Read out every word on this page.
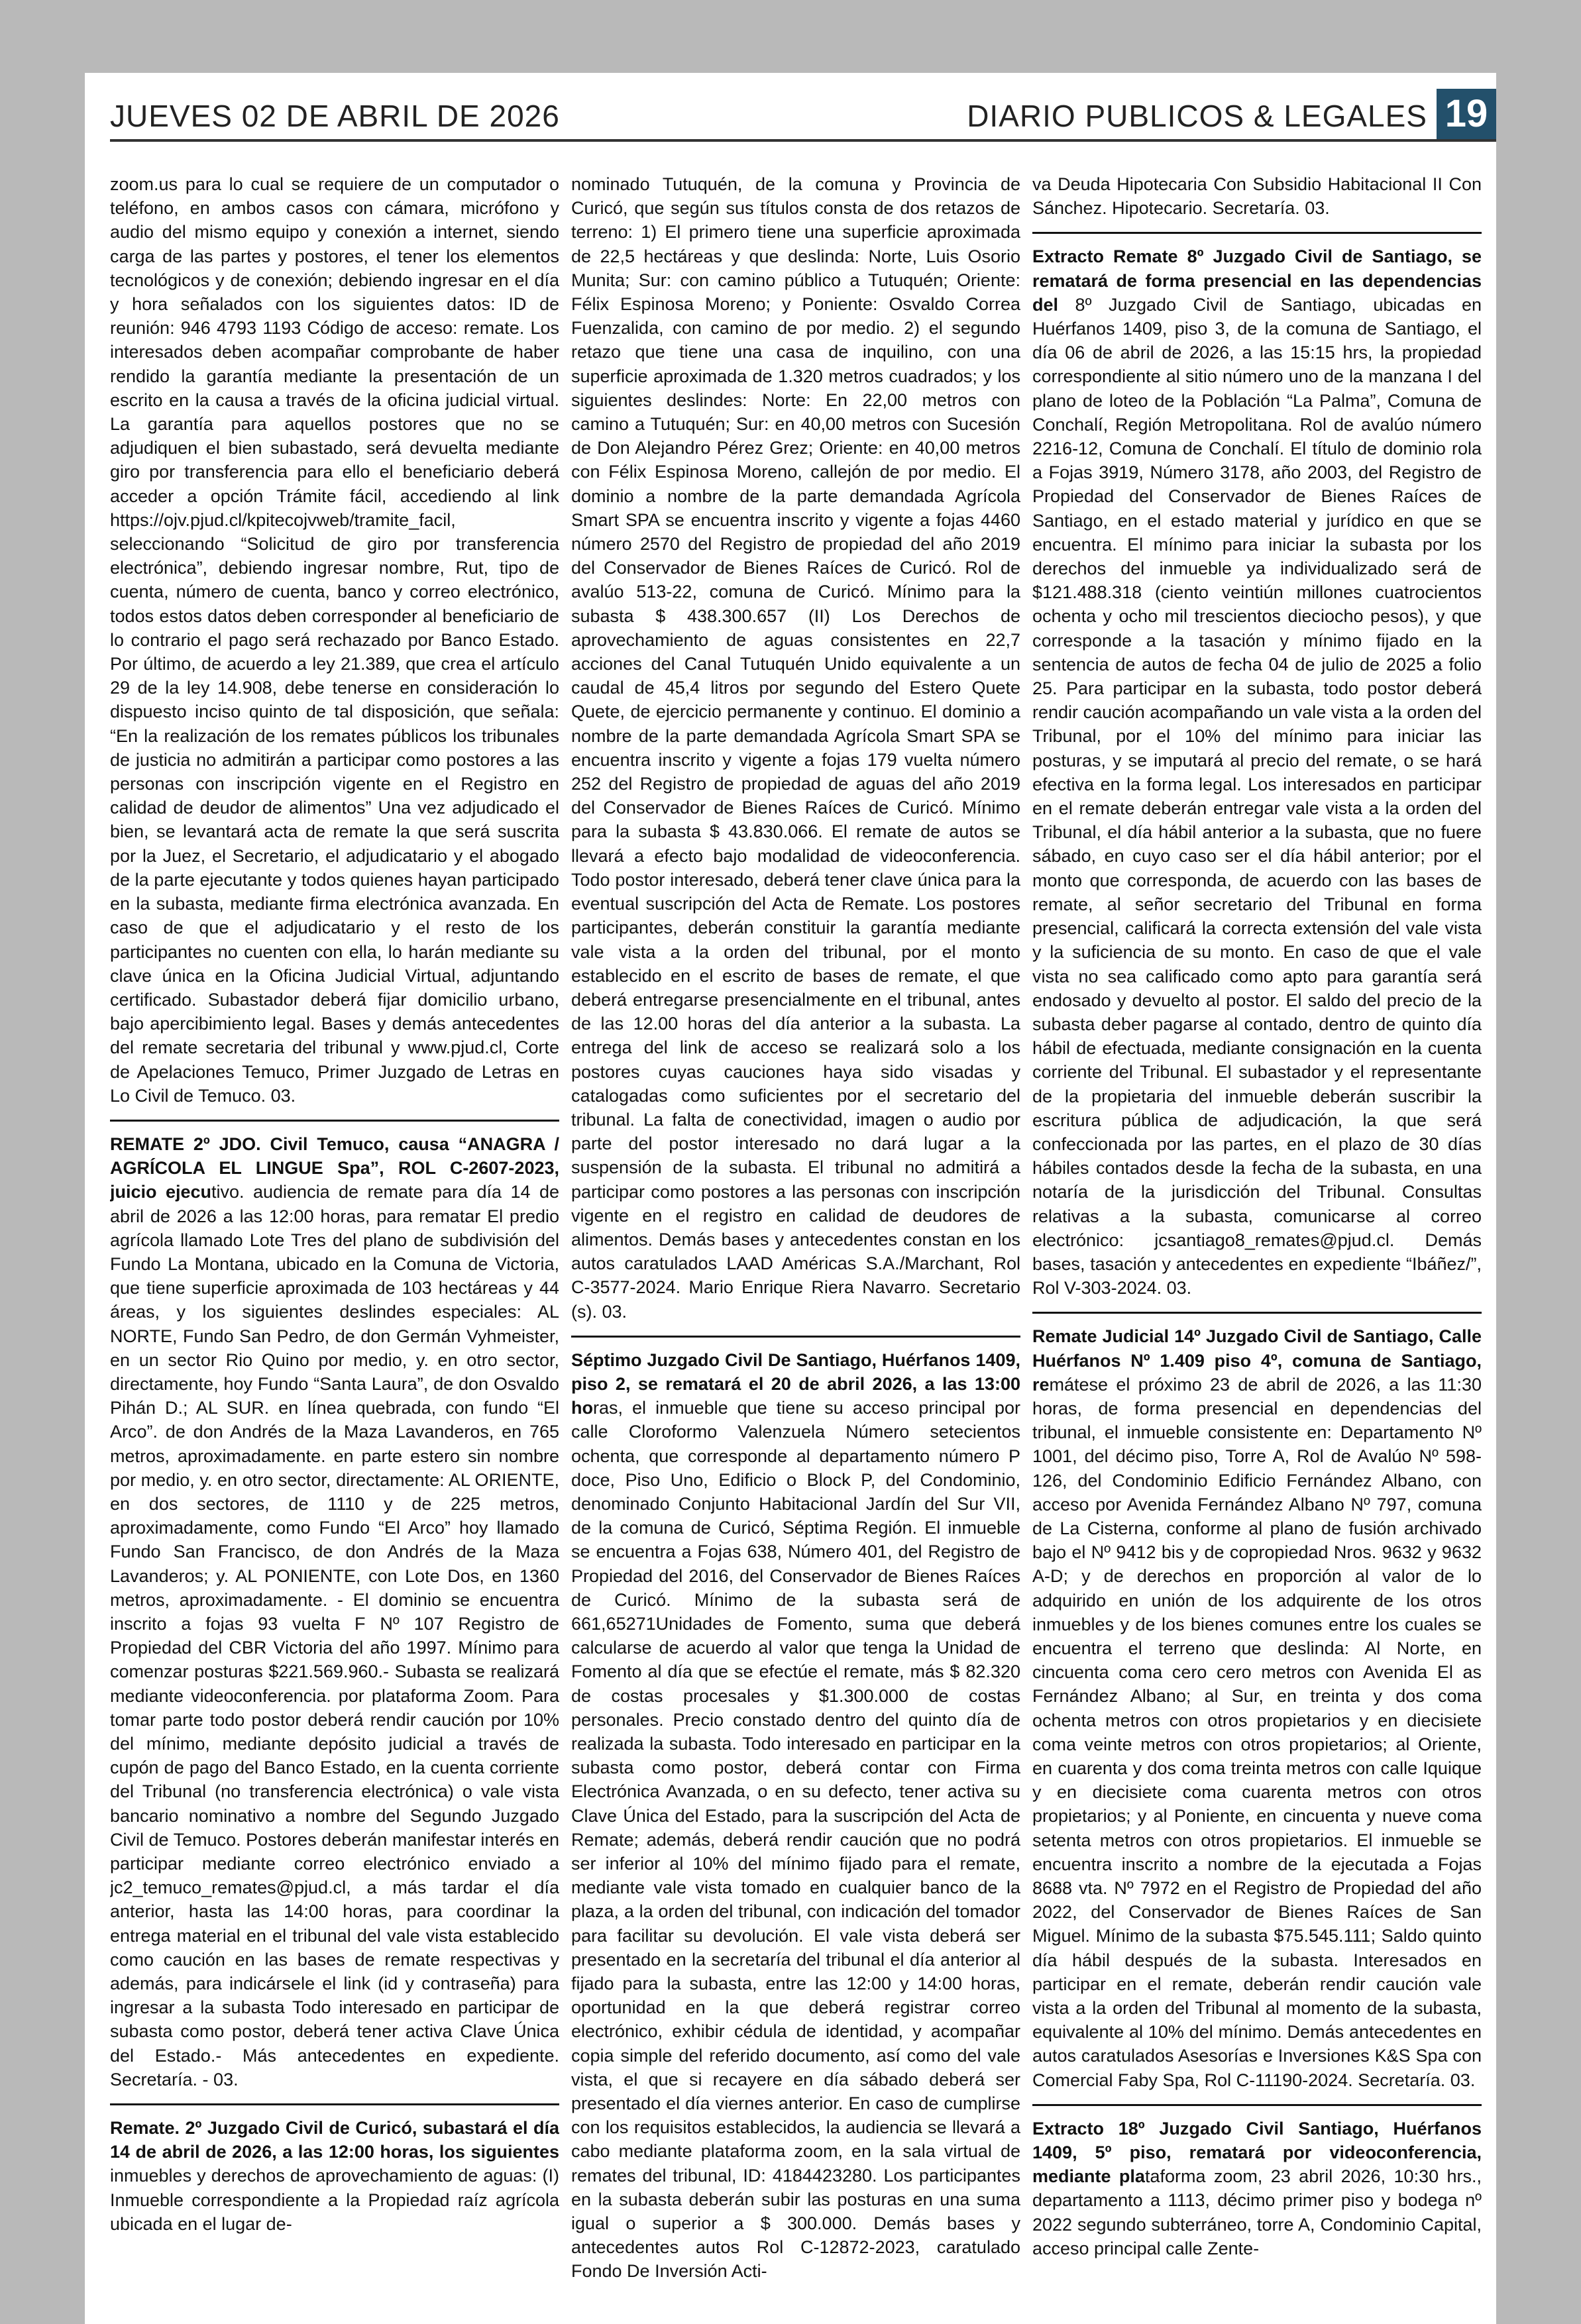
JUEVES 02 DE ABRIL DE 2026	DIARIO PUBLICOS & LEGALES 19

zoom.us para lo cual se requiere de un computador o teléfono, en ambos casos con cámara, micrófono y audio del mismo equipo y conexión a internet, siendo carga de las partes y postores, el tener los elementos tecnológicos y de conexión; debiendo ingresar en el día y hora señalados con los siguientes datos: ID de reunión: 946 4793 1193 Código de acceso: remate. Los interesados deben acompañar comprobante de haber rendido la garantía mediante la presentación de un escrito en la causa a través de la oficina judicial virtual. La garantía para aquellos postores que no se adjudiquen el bien subastado, será devuelta mediante giro por transferencia para ello el beneficiario deberá acceder a opción Trámite fácil, accediendo al link https://ojv.pjud.cl/kpitecojvweb/tramite_facil, seleccionando “Solicitud de giro por transferencia electrónica”, debiendo ingresar nombre, Rut, tipo de cuenta, número de cuenta, banco y correo electrónico, todos estos datos deben corresponder al beneficiario de lo contrario el pago será rechazado por Banco Estado. Por último, de acuerdo a ley 21.389, que crea el artículo 29 de la ley 14.908, debe tenerse en consideración lo dispuesto inciso quinto de tal disposición, que señala: “En la realización de los remates públicos los tribunales de justicia no admitirán a participar como postores a las personas con inscripción vigente en el Registro en calidad de deudor de alimentos” Una vez adjudicado el bien, se levantará acta de remate la que será suscrita por la Juez, el Secretario, el adjudicatario y el abogado de la parte ejecutante y todos quienes hayan participado en la subasta, mediante firma electrónica avanzada. En caso de que el adjudicatario y el resto de los participantes no cuenten con ella, lo harán mediante su clave única en la Oficina Judicial Virtual, adjuntando certificado. Subastador deberá fijar domicilio urbano, bajo apercibimiento legal. Bases y demás antecedentes del remate secretaria del tribunal y www.pjud.cl, Corte de Apelaciones Temuco, Primer Juzgado de Letras en Lo Civil de Temuco. 03.

REMATE 2º JDO. Civil Temuco, causa “ANAGRA / AGRÍCOLA EL LINGUE Spa”, ROL C-2607-2023, juicio ejecutivo. audiencia de remate para día 14 de abril de 2026 a las 12:00 horas, para rematar El predio agrícola llamado Lote Tres del plano de subdivisión del Fundo La Montana, ubicado en la Comuna de Victoria, que tiene superficie aproximada de 103 hectáreas y 44 áreas, y los siguientes deslindes especiales: AL NORTE, Fundo San Pedro, de don Germán Vyhmeister, en un sector Rio Quino por medio, y. en otro sector, directamente, hoy Fundo “Santa Laura”, de don Osvaldo Pihán D.; AL SUR. en línea quebrada, con fundo “El Arco”. de don Andrés de la Maza Lavanderos, en 765 metros, aproximadamente. en parte estero sin nombre por medio, y. en otro sector, directamente: AL ORIENTE, en dos sectores, de 1110 y de 225 metros, aproximadamente, como Fundo “El Arco” hoy llamado Fundo San Francisco, de don Andrés de la Maza Lavanderos; y. AL PONIENTE, con Lote Dos, en 1360 metros, aproximadamente. - El dominio se encuentra inscrito a fojas 93 vuelta F Nº 107 Registro de Propiedad del CBR Victoria del año 1997. Mínimo para comenzar posturas $221.569.960.- Subasta se realizará mediante videoconferencia. por plataforma Zoom. Para tomar parte todo postor deberá rendir caución por 10% del mínimo, mediante depósito judicial a través de cupón de pago del Banco Estado, en la cuenta corriente del Tribunal (no transferencia electrónica) o vale vista bancario nominativo a nombre del Segundo Juzgado Civil de Temuco. Postores deberán manifestar interés en participar mediante correo electrónico enviado a jc2_temuco_remates@pjud.cl, a más tardar el día anterior, hasta las 14:00 horas, para coordinar la entrega material en el tribunal del vale vista establecido como caución en las bases de remate respectivas y además, para indicársele el link (id y contraseña) para ingresar a la subasta Todo interesado en participar de subasta como postor, deberá tener activa Clave Única del Estado.- Más antecedentes en expediente. Secretaría. - 03.

Remate. 2º Juzgado Civil de Curicó, subastará el día 14 de abril de 2026, a las 12:00 horas, los siguientes inmuebles y derechos de aprovechamiento de aguas: (I) Inmueble correspondiente a la Propiedad raíz agrícola ubicada en el lugar de-

nominado Tutuquén, de la comuna y Provincia de Curicó, que según sus títulos consta de dos retazos de terreno: 1) El primero tiene una superficie aproximada de 22,5 hectáreas y que deslinda: Norte, Luis Osorio Munita; Sur: con camino público a Tutuquén; Oriente: Félix Espinosa Moreno; y Poniente: Osvaldo Correa Fuenzalida, con camino de por medio. 2) el segundo retazo que tiene una casa de inquilino, con una superficie aproximada de 1.320 metros cuadrados; y los siguientes deslindes: Norte: En 22,00 metros con camino a Tutuquén; Sur: en 40,00 metros con Sucesión de Don Alejandro Pérez Grez; Oriente: en 40,00 metros con Félix Espinosa Moreno, callejón de por medio. El dominio a nombre de la parte demandada Agrícola Smart SPA se encuentra inscrito y vigente a fojas 4460 número 2570 del Registro de propiedad del año 2019 del Conservador de Bienes Raíces de Curicó. Rol de avalúo 513-22, comuna de Curicó. Mínimo para la subasta $ 438.300.657 (II) Los Derechos de aprovechamiento de aguas consistentes en 22,7 acciones del Canal Tutuquén Unido equivalente a un caudal de 45,4 litros por segundo del Estero Quete Quete, de ejercicio permanente y continuo. El dominio a nombre de la parte demandada Agrícola Smart SPA se encuentra inscrito y vigente a fojas 179 vuelta número 252 del Registro de propiedad de aguas del año 2019 del Conservador de Bienes Raíces de Curicó. Mínimo para la subasta $ 43.830.066. El remate de autos se llevará a efecto bajo modalidad de videoconferencia. Todo postor interesado, deberá tener clave única para la eventual suscripción del Acta de Remate. Los postores participantes, deberán constituir la garantía mediante vale vista a la orden del tribunal, por el monto establecido en el escrito de bases de remate, el que deberá entregarse presencialmente en el tribunal, antes de las 12.00 horas del día anterior a la subasta. La entrega del link de acceso se realizará solo a los postores cuyas cauciones haya sido visadas y catalogadas como suficientes por el secretario del tribunal. La falta de conectividad, imagen o audio por parte del postor interesado no dará lugar a la suspensión de la subasta. El tribunal no admitirá a participar como postores a las personas con inscripción vigente en el registro en calidad de deudores de alimentos. Demás bases y antecedentes constan en los autos caratulados LAAD Américas S.A./Marchant, Rol C-3577-2024. Mario Enrique Riera Navarro. Secretario (s). 03.

Séptimo Juzgado Civil De Santiago, Huérfanos 1409, piso 2, se rematará el 20 de abril 2026, a las 13:00 horas, el inmueble que tiene su acceso principal por calle Cloroformo Valenzuela Número setecientos ochenta, que corresponde al departamento número P doce, Piso Uno, Edificio o Block P, del Condominio, denominado Conjunto Habitacional Jardín del Sur VII, de la comuna de Curicó, Séptima Región. El inmueble se encuentra a Fojas 638, Número 401, del Registro de Propiedad del 2016, del Conservador de Bienes Raíces de Curicó. Mínimo de la subasta será de 661,65271Unidades de Fomento, suma que deberá calcularse de acuerdo al valor que tenga la Unidad de Fomento al día que se efectúe el remate, más $ 82.320 de costas procesales y $1.300.000 de costas personales. Precio constado dentro del quinto día de realizada la subasta. Todo interesado en participar en la subasta como postor, deberá contar con Firma Electrónica Avanzada, o en su defecto, tener activa su Clave Única del Estado, para la suscripción del Acta de Remate; además, deberá rendir caución que no podrá ser inferior al 10% del mínimo fijado para el remate, mediante vale vista tomado en cualquier banco de la plaza, a la orden del tribunal, con indicación del tomador para facilitar su devolución. El vale vista deberá ser presentado en la secretaría del tribunal el día anterior al fijado para la subasta, entre las 12:00 y 14:00 horas, oportunidad en la que deberá registrar correo electrónico, exhibir cédula de identidad, y acompañar copia simple del referido documento, así como del vale vista, el que si recayere en día sábado deberá ser presentado el día viernes anterior. En caso de cumplirse con los requisitos establecidos, la audiencia se llevará a cabo mediante plataforma zoom, en la sala virtual de remates del tribunal, ID: 4184423280. Los participantes en la subasta deberán subir las posturas en una suma igual o superior a $ 300.000. Demás bases y antecedentes autos Rol C-12872-2023, caratulado Fondo De Inversión Acti-

va Deuda Hipotecaria Con Subsidio Habitacional II Con Sánchez. Hipotecario. Secretaría. 03.

Extracto Remate 8º Juzgado Civil de Santiago, se rematará de forma presencial en las dependencias del 8º Juzgado Civil de Santiago, ubicadas en Huérfanos 1409, piso 3, de la comuna de Santiago, el día 06 de abril de 2026, a las 15:15 hrs, la propiedad correspondiente al sitio número uno de la manzana I del plano de loteo de la Población “La Palma”, Comuna de Conchalí, Región Metropolitana. Rol de avalúo número 2216-12, Comuna de Conchalí. El título de dominio rola a Fojas 3919, Número 3178, año 2003, del Registro de Propiedad del Conservador de Bienes Raíces de Santiago, en el estado material y jurídico en que se encuentra. El mínimo para iniciar la subasta por los derechos del inmueble ya individualizado será de $121.488.318 (ciento veintiún millones cuatrocientos ochenta y ocho mil trescientos dieciocho pesos), y que corresponde a la tasación y mínimo fijado en la sentencia de autos de fecha 04 de julio de 2025 a folio 25. Para participar en la subasta, todo postor deberá rendir caución acompañando un vale vista a la orden del Tribunal, por el 10% del mínimo para iniciar las posturas, y se imputará al precio del remate, o se hará efectiva en la forma legal. Los interesados en participar en el remate deberán entregar vale vista a la orden del Tribunal, el día hábil anterior a la subasta, que no fuere sábado, en cuyo caso ser el día hábil anterior; por el monto que corresponda, de acuerdo con las bases de remate, al señor secretario del Tribunal en forma presencial, calificará la correcta extensión del vale vista y la suficiencia de su monto. En caso de que el vale vista no sea calificado como apto para garantía será endosado y devuelto al postor. El saldo del precio de la subasta deber pagarse al contado, dentro de quinto día hábil de efectuada, mediante consignación en la cuenta corriente del Tribunal. El subastador y el representante de la propietaria del inmueble deberán suscribir la escritura pública de adjudicación, la que será confeccionada por las partes, en el plazo de 30 días hábiles contados desde la fecha de la subasta, en una notaría de la jurisdicción del Tribunal. Consultas relativas a la subasta, comunicarse al correo electrónico: jcsantiago8_remates@pjud.cl. Demás bases, tasación y antecedentes en expediente “Ibáñez/”, Rol V-303-2024. 03.

Remate Judicial 14º Juzgado Civil de Santiago, Calle Huérfanos Nº 1.409 piso 4º, comuna de Santiago, remátese el próximo 23 de abril de 2026, a las 11:30 horas, de forma presencial en dependencias del tribunal, el inmueble consistente en: Departamento Nº 1001, del décimo piso, Torre A, Rol de Avalúo Nº 598-126, del Condominio Edificio Fernández Albano, con acceso por Avenida Fernández Albano Nº 797, comuna de La Cisterna, conforme al plano de fusión archivado bajo el Nº 9412 bis y de copropiedad Nros. 9632 y 9632 A-D; y de derechos en proporción al valor de lo adquirido en unión de los adquirente de los otros inmuebles y de los bienes comunes entre los cuales se encuentra el terreno que deslinda: Al Norte, en cincuenta coma cero cero metros con Avenida El as Fernández Albano; al Sur, en treinta y dos coma ochenta metros con otros propietarios y en diecisiete coma veinte metros con otros propietarios; al Oriente, en cuarenta y dos coma treinta metros con calle Iquique y en diecisiete coma cuarenta metros con otros propietarios; y al Poniente, en cincuenta y nueve coma setenta metros con otros propietarios. El inmueble se encuentra inscrito a nombre de la ejecutada a Fojas 8688 vta. Nº 7972 en el Registro de Propiedad del año 2022, del Conservador de Bienes Raíces de San Miguel. Mínimo de la subasta $75.545.111; Saldo quinto día hábil después de la subasta. Interesados en participar en el remate, deberán rendir caución vale vista a la orden del Tribunal al momento de la subasta, equivalente al 10% del mínimo. Demás antecedentes en autos caratulados Asesorías e Inversiones K&S Spa con Comercial Faby Spa, Rol C-11190-2024. Secretaría. 03.

Extracto 18º Juzgado Civil Santiago, Huérfanos 1409, 5º piso, rematará por videoconferencia, mediante plataforma zoom, 23 abril 2026, 10:30 hrs., departamento a 1113, décimo primer piso y bodega nº 2022 segundo subterráneo, torre A, Condominio Capital, acceso principal calle Zente-
